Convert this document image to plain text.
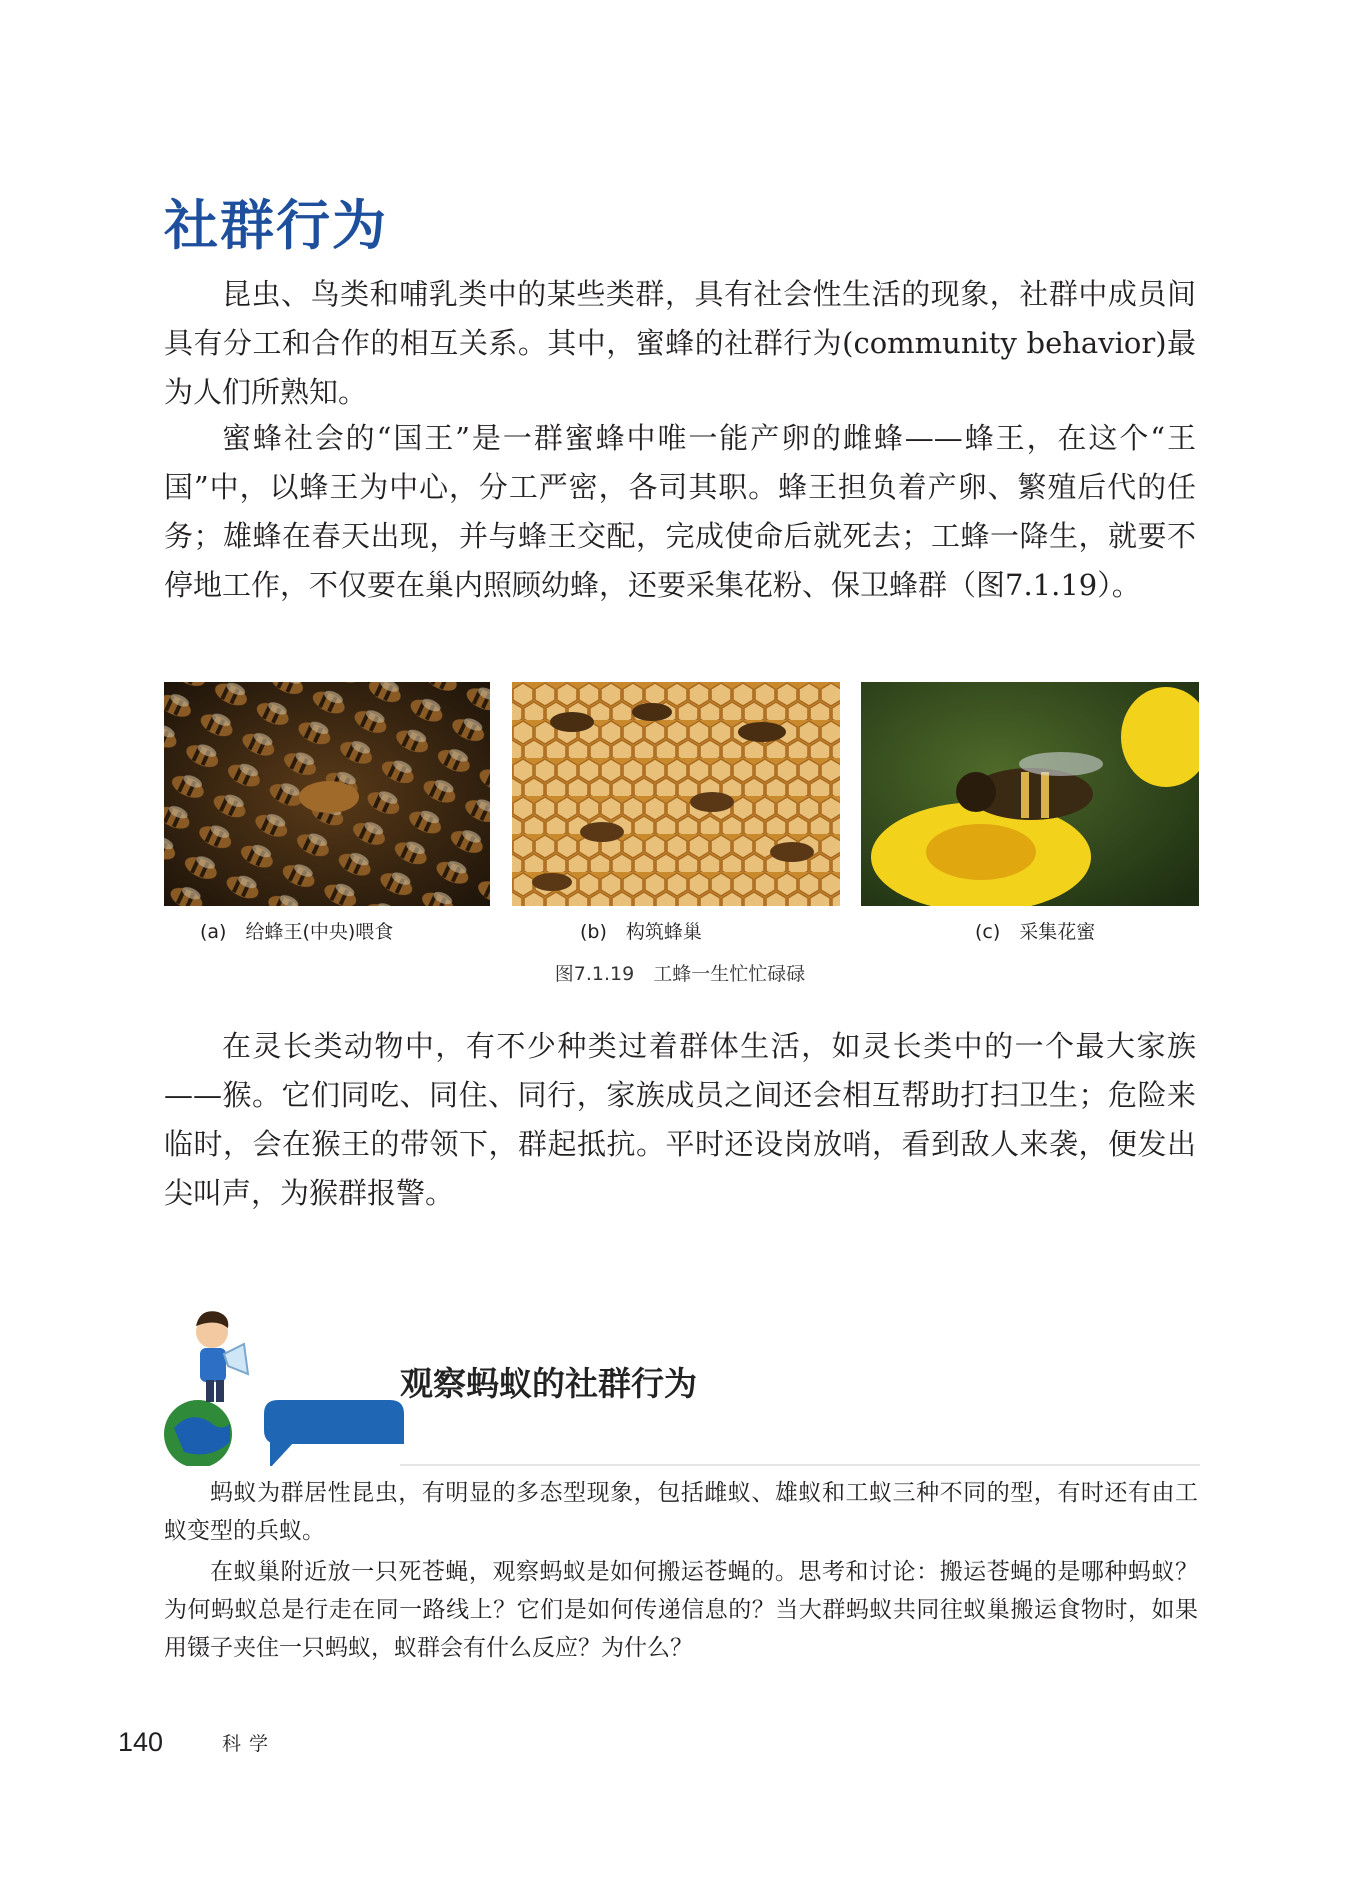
社群行为

昆虫、鸟类和哺乳类中的某些类群，具有社会性生活的现象，社群中成员间具有分工和合作的相互关系。其中，蜜蜂的社群行为(community behavior)最为人们所熟知。

蜜蜂社会的“国王”是一群蜜蜂中唯一能产卵的雌蜂——蜂王，在这个“王国”中，以蜂王为中心，分工严密，各司其职。蜂王担负着产卵、繁殖后代的任务；雄蜂在春天出现，并与蜂王交配，完成使命后就死去；工蜂一降生，就要不停地工作，不仅要在巢内照顾幼蜂，还要采集花粉、保卫蜂群（图7.1.19）。

(a)　给蜂王(中央)喂食	(b)　构筑蜂巢	(c)　采集花蜜
图7.1.19　工蜂一生忙忙碌碌

在灵长类动物中，有不少种类过着群体生活，如灵长类中的一个最大家族——猴。它们同吃、同住、同行，家族成员之间还会相互帮助打扫卫生；危险来临时，会在猴王的带领下，群起抵抗。平时还设岗放哨，看到敌人来袭，便发出尖叫声，为猴群报警。

活动	观察蚂蚁的社群行为

蚂蚁为群居性昆虫，有明显的多态型现象，包括雌蚁、雄蚁和工蚁三种不同的型，有时还有由工蚁变型的兵蚁。

在蚁巢附近放一只死苍蝇，观察蚂蚁是如何搬运苍蝇的。思考和讨论：搬运苍蝇的是哪种蚂蚁？为何蚂蚁总是行走在同一路线上？它们是如何传递信息的？当大群蚂蚁共同往蚁巢搬运食物时，如果用镊子夹住一只蚂蚁，蚁群会有什么反应？为什么？

140	科学
